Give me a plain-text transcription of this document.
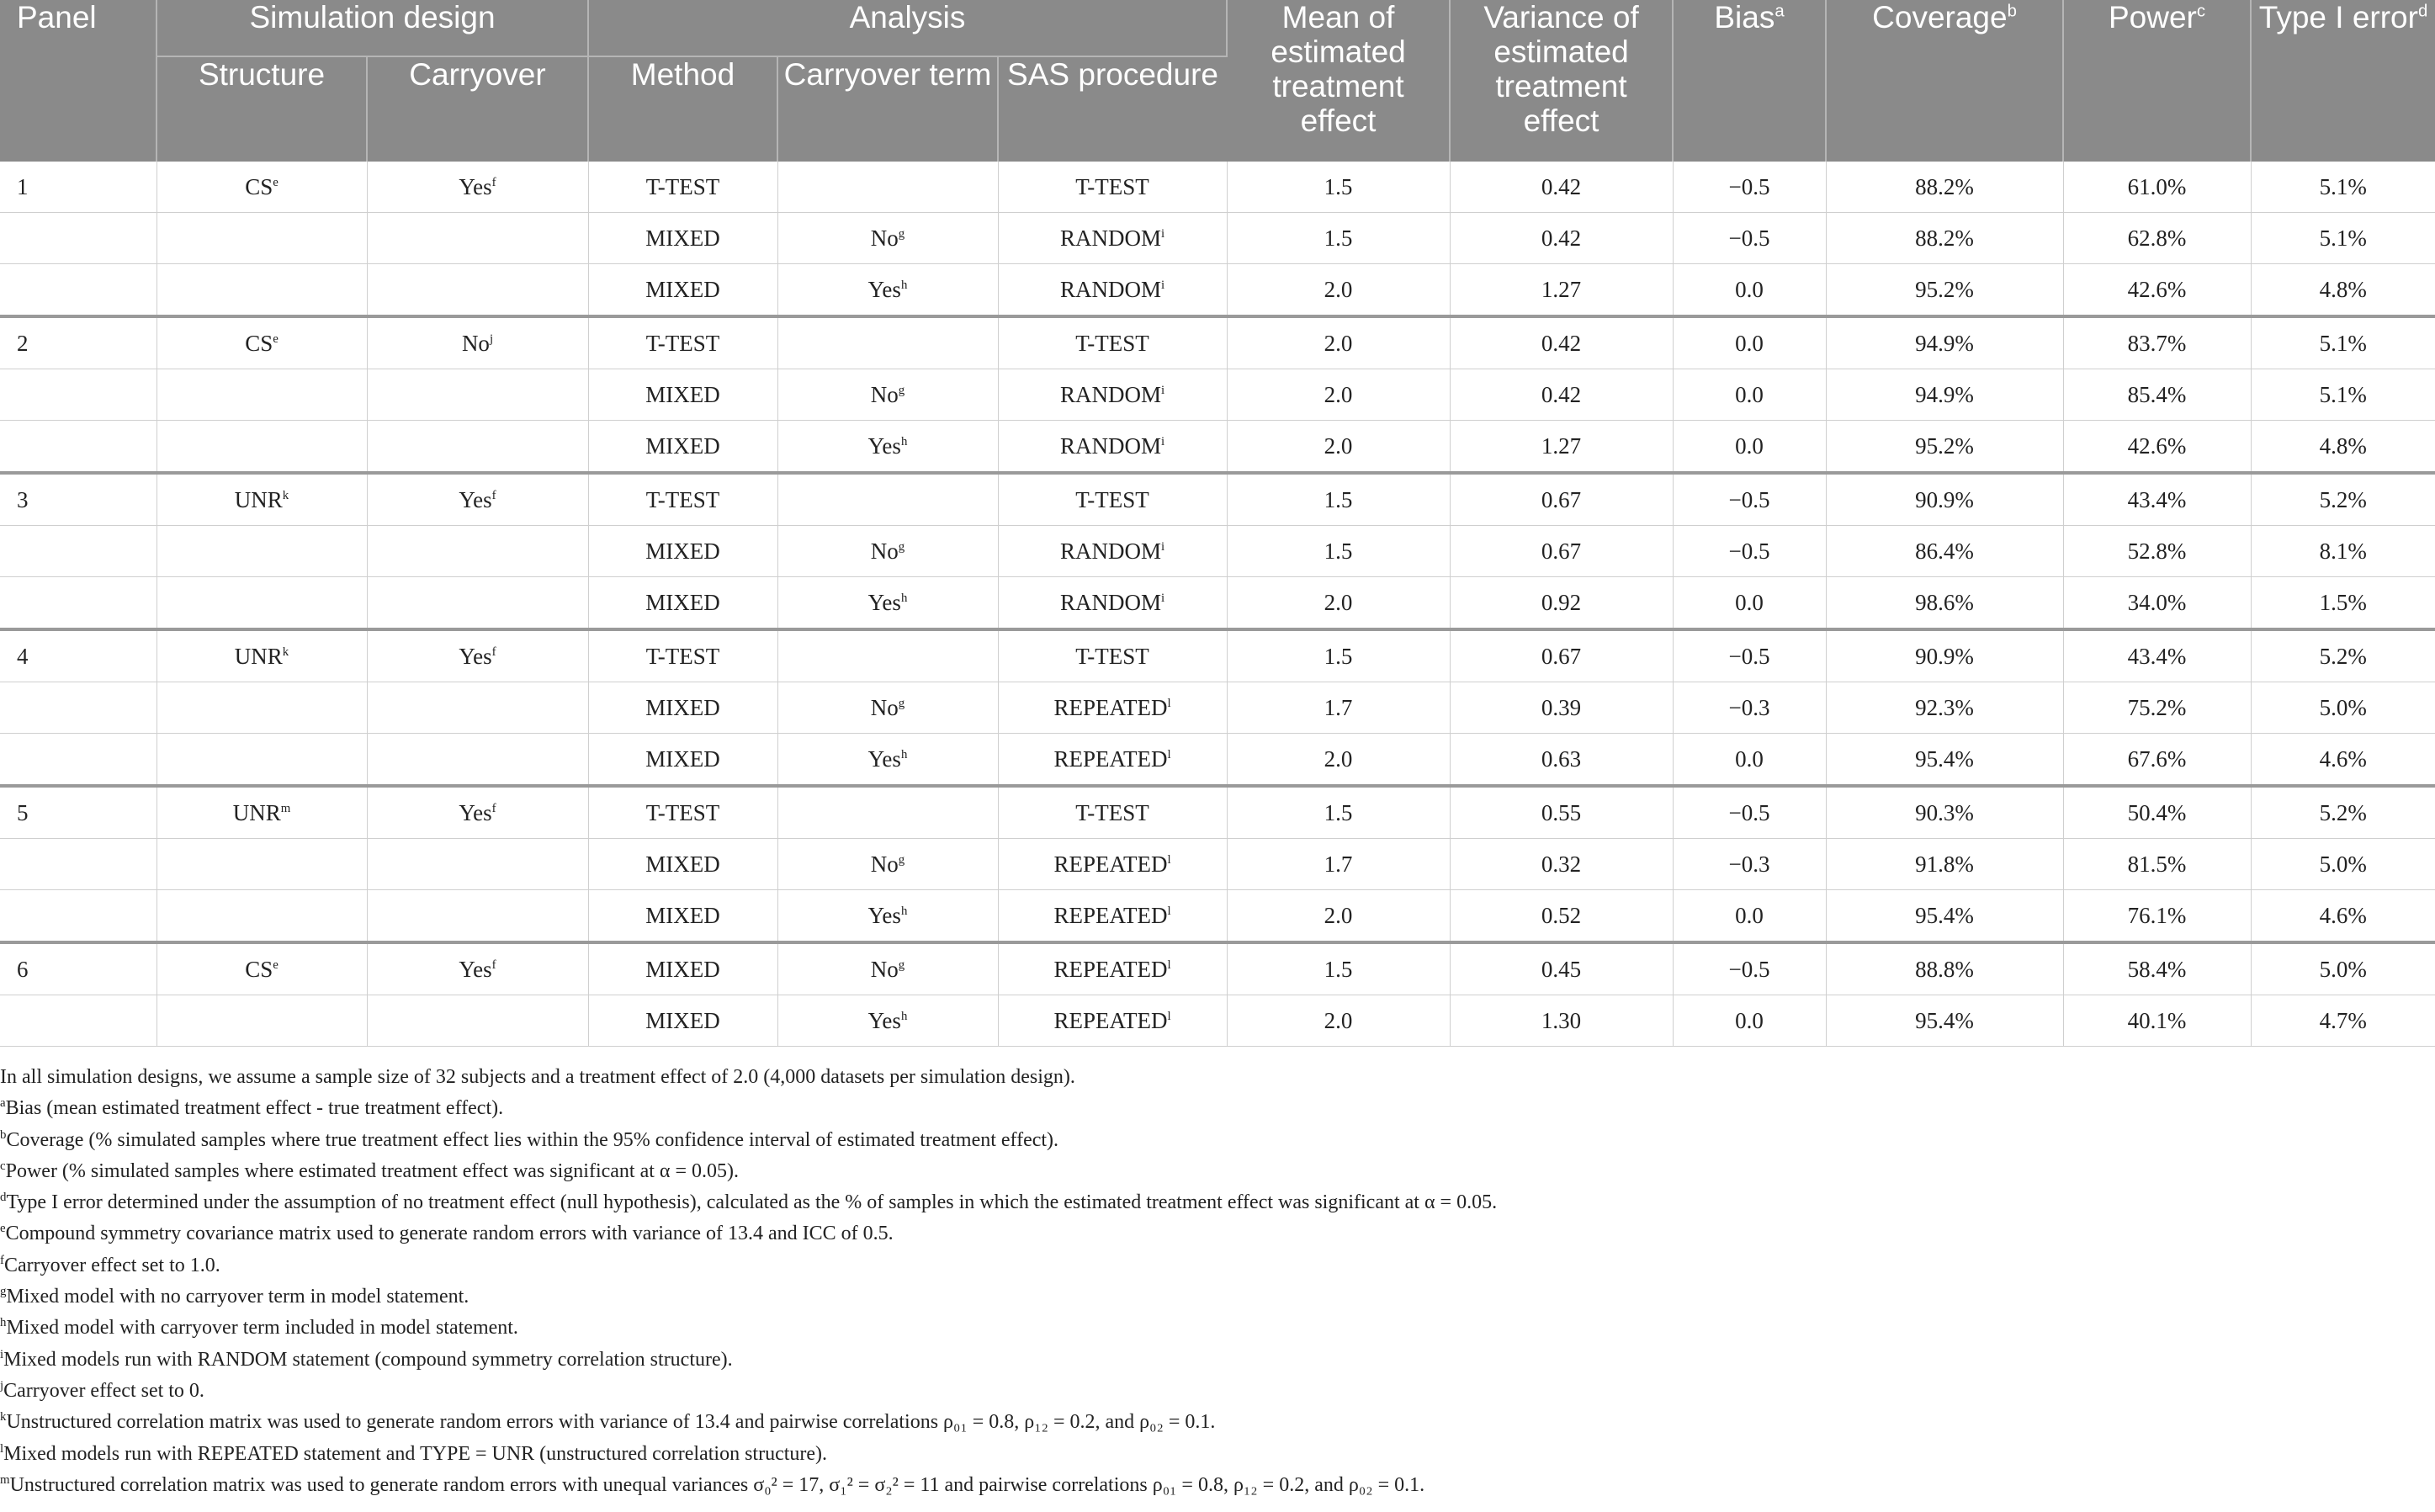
Panel	Simulation design		Analysis			Mean of estimated treatment effect	Variance of estimated treatment effect	Bias$^a$	Coverage$^b$	Power$^c$	Type I error$^d$
	Structure	Carryover	Method	Carryover term	SAS procedure						
1	$CS^e$	Yes$^f$	T-TEST		T-TEST	1.5	0.42	−0.5	88.2%	61.0%	5.1%
			MIXED	No$^g$	RANDOM$^i$	1.5	0.42	−0.5	88.2%	62.8%	5.1%
			MIXED	Yes$^h$	RANDOM$^i$	2.0	1.27	0.0	95.2%	42.6%	4.8%
2	$CS^e$	No$^j$	T-TEST		T-TEST	2.0	0.42	0.0	94.9%	83.7%	5.1%
			MIXED	No$^g$	RANDOM$^i$	2.0	0.42	0.0	94.9%	85.4%	5.1%
			MIXED	Yes$^h$	RANDOM$^i$	2.0	1.27	0.0	95.2%	42.6%	4.8%
3	UNR$^k$	Yes$^f$	T-TEST		T-TEST	1.5	0.67	−0.5	90.9%	43.4%	5.2%
			MIXED	No$^g$	RANDOM$^i$	1.5	0.67	−0.5	86.4%	52.8%	8.1%
			MIXED	Yes$^h$	RANDOM$^i$	2.0	0.92	0.0	98.6%	34.0%	1.5%
4	UNR$^k$	Yes$^f$	T-TEST		T-TEST	1.5	0.67	−0.5	90.9%	43.4%	5.2%
			MIXED	No$^g$	REPEATED$^l$	1.7	0.39	−0.3	92.3%	75.2%	5.0%
			MIXED	Yes$^h$	REPEATED$^l$	2.0	0.63	0.0	95.4%	67.6%	4.6%
5	UNR$^m$	Yes$^f$	T-TEST		T-TEST	1.5	0.55	−0.5	90.3%	50.4%	5.2%
			MIXED	No$^g$	REPEATED$^l$	1.7	0.32	−0.3	91.8%	81.5%	5.0%
			MIXED	Yes$^h$	REPEATED$^l$	2.0	0.52	0.0	95.4%	76.1%	4.6%
6	$CS^e$	Yes$^f$	MIXED	No$^g$	REPEATED$^l$	1.5	0.45	−0.5	88.8%	58.4%	5.0%
			MIXED	Yes$^h$	REPEATED$^l$	2.0	1.30	0.0	95.4%	40.1%	4.7%
In all simulation designs, we assume a sample size of 32 subjects and a treatment effect of 2.0 (4,000 datasets per simulation design).
$^a$Bias (mean estimated treatment effect - true treatment effect).
$^b$Coverage (% simulated samples where true treatment effect lies within the 95% confidence interval of estimated treatment effect).
$^c$Power (% simulated samples where estimated treatment effect was significant at α = 0.05).
$^d$Type I error determined under the assumption of no treatment effect (null hypothesis), calculated as the % of samples in which the estimated treatment effect was significant at α = 0.05.
$^e$Compound symmetry covariance matrix used to generate random errors with variance of 13.4 and ICC of 0.5.
$^f$Carryover effect set to 1.0.
$^g$Mixed model with no carryover term in model statement.
$^h$Mixed model with carryover term included in model statement.
$^i$Mixed models run with RANDOM statement (compound symmetry correlation structure).
$^j$Carryover effect set to 0.
$^k$Unstructured correlation matrix was used to generate random errors with variance of 13.4 and pairwise correlations ρ₀₁ = 0.8, ρ₁₂ = 0.2, and ρ₀₂ = 0.1.
$^l$Mixed models run with REPEATED statement and TYPE = UNR (unstructured correlation structure).
$^m$Unstructured correlation matrix was used to generate random errors with unequal variances σ₀² = 17, σ₁² = σ₂² = 11 and pairwise correlations ρ₀₁ = 0.8, ρ₁₂ = 0.2, and ρ₀₂ = 0.1.
